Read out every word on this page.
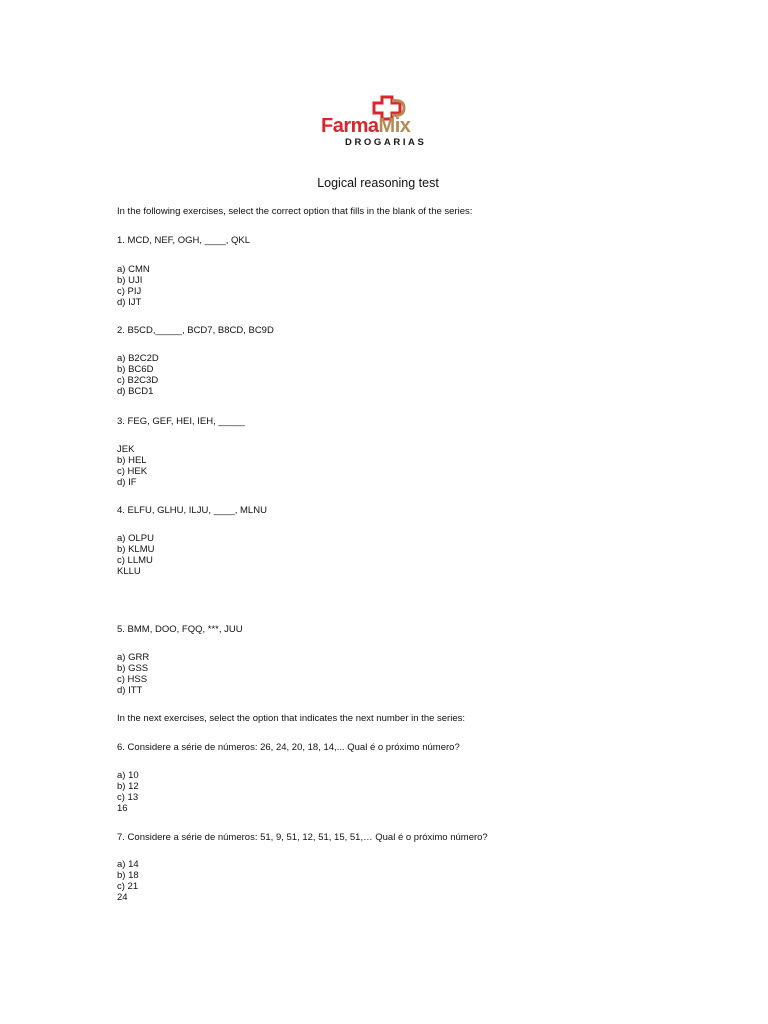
FarmaMix
DROGARIAS
Logical reasoning test
In the following exercises, select the correct option that fills in the blank of the series:
1. MCD, NEF, OGH, ____, QKL
a) CMN
b) UJI
c) PIJ
d) IJT
2. B5CD,_____, BCD7, B8CD, BC9D
a) B2C2D
b) BC6D
c) B2C3D
d) BCD1
3. FEG, GEF, HEI, IEH, _____
JEK
b) HEL
c) HEK
d) IF
4. ELFU, GLHU, ILJU, ____, MLNU
a) OLPU
b) KLMU
c) LLMU
KLLU
5. BMM, DOO, FQQ, ***, JUU
a) GRR
b) GSS
c) HSS
d) ITT
In the next exercises, select the option that indicates the next number in the series:
6. Considere a série de números: 26, 24, 20, 18, 14,... Qual é o próximo número?
a) 10
b) 12
c) 13
16
7. Considere a série de números: 51, 9, 51, 12, 51, 15, 51,… Qual é o próximo número?
a) 14
b) 18
c) 21
24
